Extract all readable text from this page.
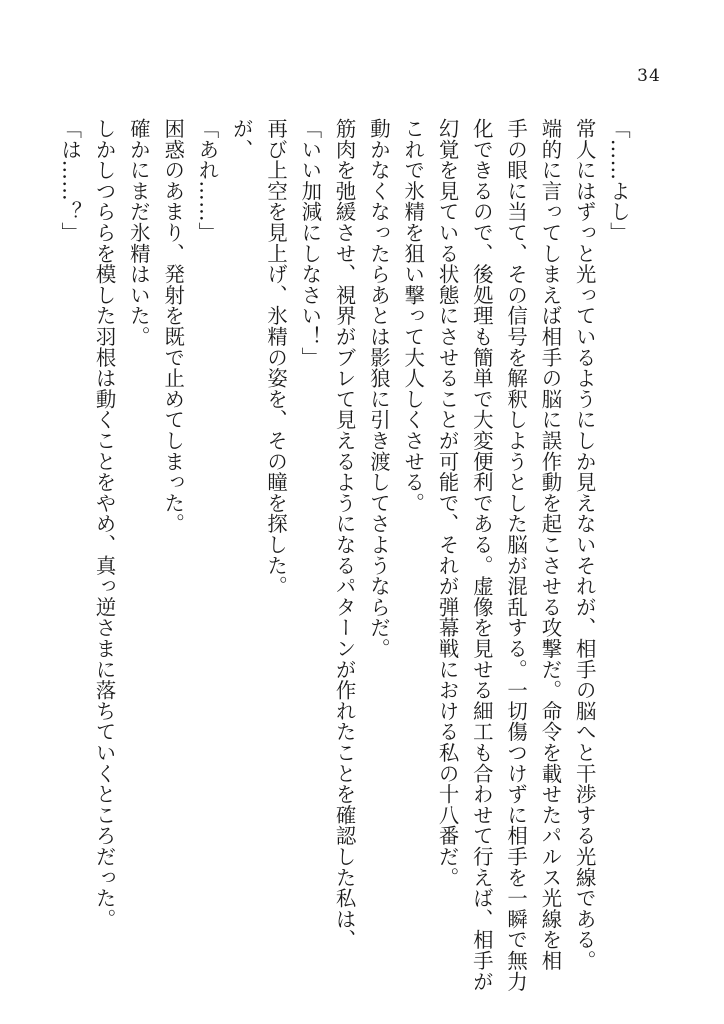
34
「……よし」
常人にはずっと光っているようにしか見えないそれが、相手の脳へと干渉する光線である。
端的に言ってしまえば相手の脳に誤作動を起こさせる攻撃だ。命令を載せたパルス光線を相
手の眼に当て、その信号を解釈しようとした脳が混乱する。一切傷つけずに相手を一瞬で無力
化できるので、後処理も簡単で大変便利である。虚像を見せる細工も合わせて行えば、相手が
幻覚を見ている状態にさせることが可能で、それが弾幕戦における私の十八番だ。
これで氷精を狙い撃って大人しくさせる。
動かなくなったらあとは影狼に引き渡してさようならだ。
筋肉を弛緩させ、視界がブレて見えるようになるパターンが作れたことを確認した私は、
「いい加減にしなさい！」
再び上空を見上げ、氷精の姿を、その瞳を探した。
が、
「あれ……」
困惑のあまり、発射を既で止めてしまった。
確かにまだ氷精はいた。
しかしつららを模した羽根は動くことをやめ、真っ逆さまに落ちていくところだった。
「は……？」
